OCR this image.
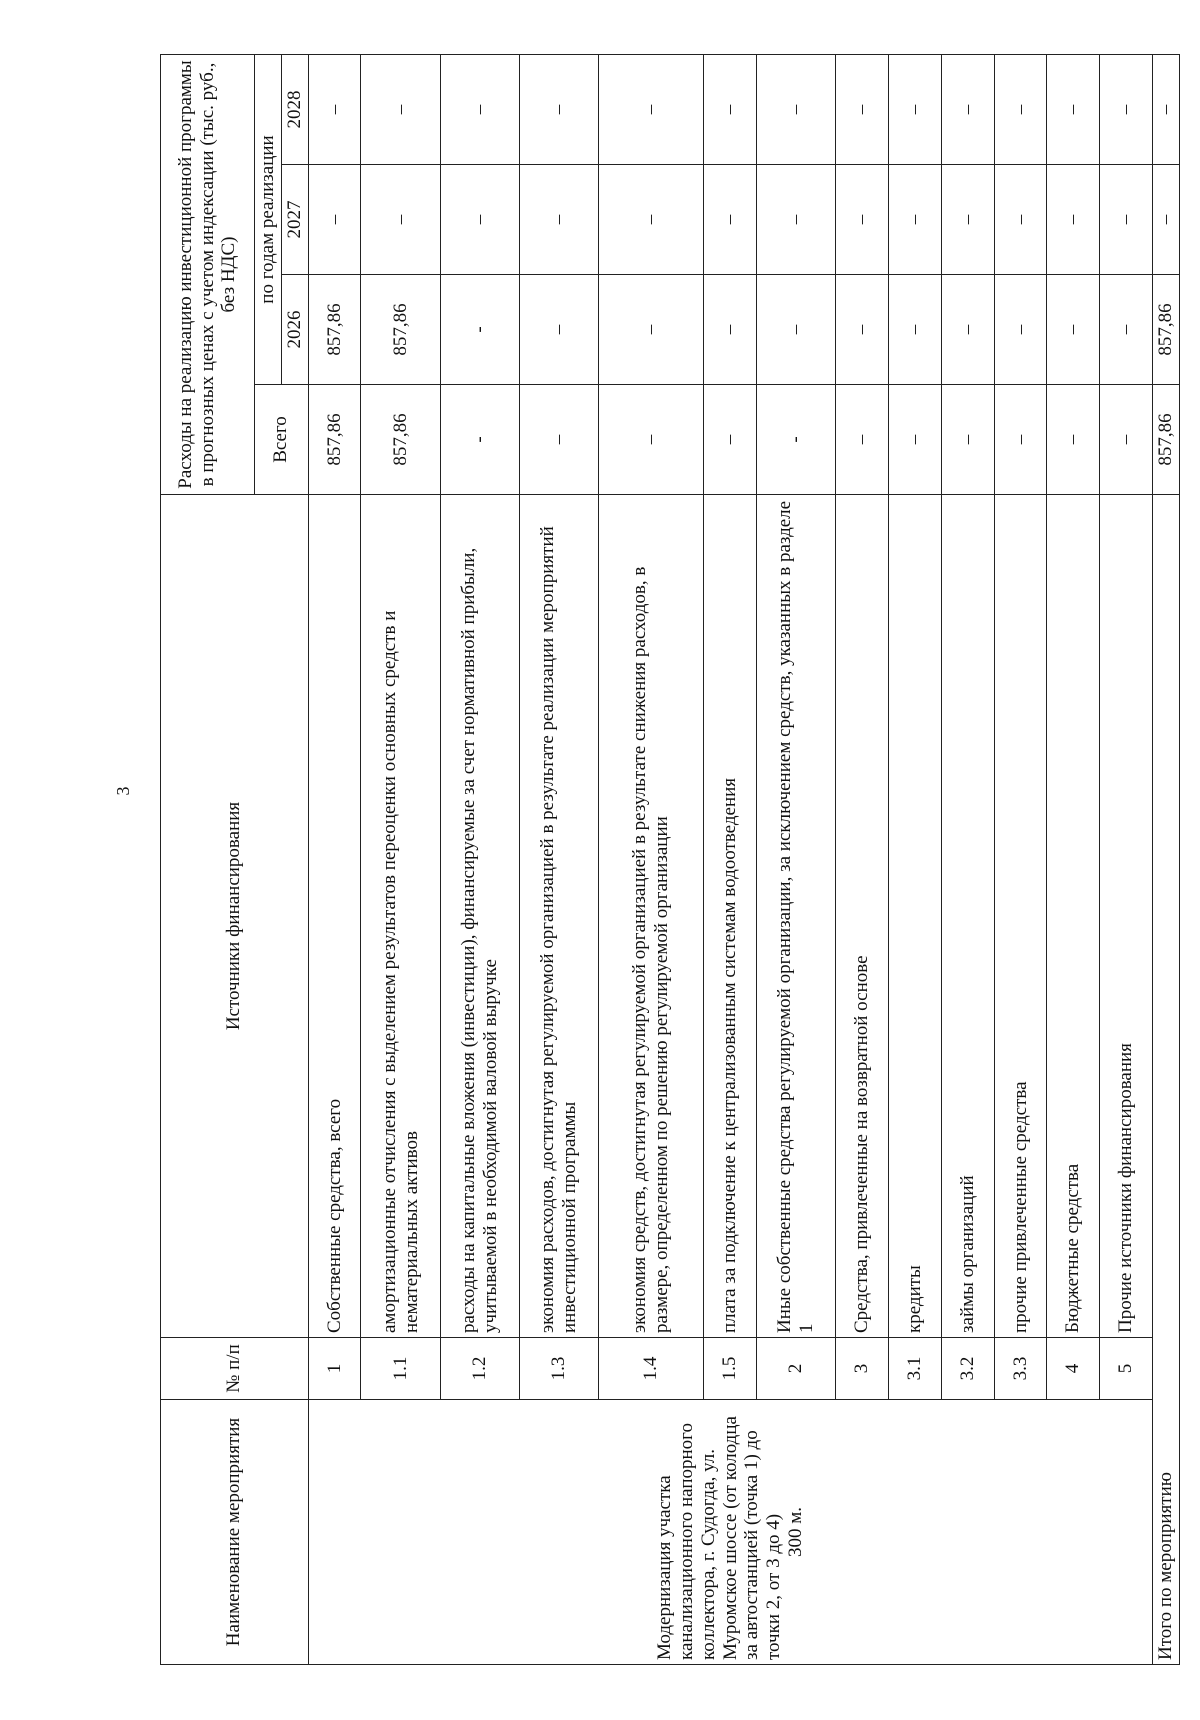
3
Наименование мероприятия	№ п/п	Источники финансирования	Расходы на реализацию инвестиционной программы в прогнозных ценах с учетом индексации (тыс. руб., без НДС)			
			Всего	по годам реализации		
				2026	2027	2028
Модернизация участка канализационного напорного коллектора, г. Судогда, ул. Муромское шоссе (от колодца за автостанцией (точка 1) до точки 2, от 3 до 4) 300 м.	1	Собственные средства, всего	857,86	857,86	–	–
	1.1	амортизационные отчисления с выделением результатов переоценки основных средств и нематериальных активов	857,86	857,86	–	–
	1.2	расходы на капитальные вложения (инвестиции), финансируемые за счет нормативной прибыли, учитываемой в необходимой валовой выручке	-	-	–	–
	1.3	экономия расходов, достигнутая регулируемой организацией в результате реализации мероприятий инвестиционной программы	–	–	–	–
	1.4	экономия средств, достигнутая регулируемой организацией в результате снижения расходов, в размере, определенном по решению регулируемой организации	–	–	–	–
	1.5	плата за подключение к централизованным системам водоотведения	–	–	–	–
	2	Иные собственные средства регулируемой организации, за исключением средств, указанных в разделе 1	-	–	–	–
	3	Средства, привлеченные на возвратной основе	–	–	–	–
	3.1	кредиты	–	–	–	–
	3.2	займы организаций	–	–	–	–
	3.3	прочие привлеченные средства	–	–	–	–
	4	Бюджетные средства	–	–	–	–
	5	Прочие источники финансирования	–	–	–	–
Итого по мероприятию			857,86	857,86	–	–
